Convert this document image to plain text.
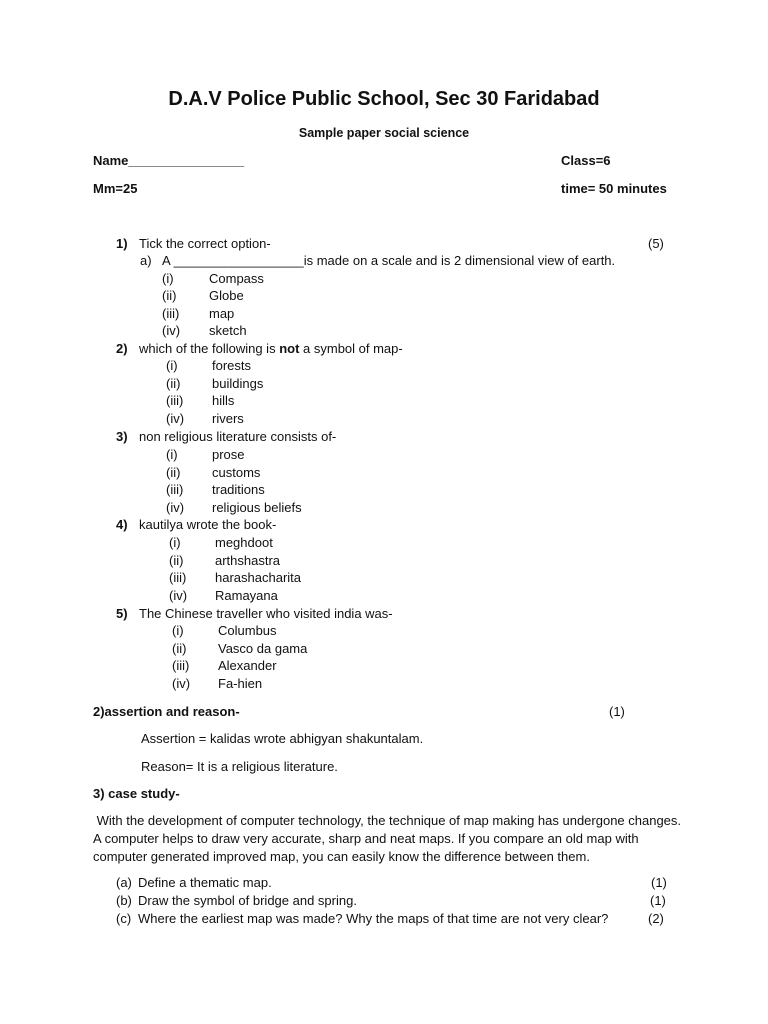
D.A.V Police Public School, Sec 30 Faridabad
Sample paper social science
Name________________	Class=6
Mm=25	time= 50 minutes
1) Tick the correct option-	(5)
a) A __________________is made on a scale and is 2 dimensional view of earth.
(i)	Compass
(ii)	Globe
(iii) map
(iv) sketch
2) which of the following is not a symbol of map-
(i)	forests
(ii) buildings
(iii) hills
(iv) rivers
3) non religious literature consists of-
(i)	prose
(ii) customs
(iii) traditions
(iv) religious beliefs
4) kautilya wrote the book-
(i)	meghdoot
(ii) arthshastra
(iii) harashacharita
(iv) Ramayana
5) The Chinese traveller who visited india was-
(i)	Columbus
(ii) Vasco da gama
(iii) Alexander
(iv) Fa-hien
2)assertion and reason-	(1)
Assertion = kalidas wrote abhigyan shakuntalam.
Reason= It is a religious literature.
3) case study-
With the development of computer technology, the technique of map making has undergone changes. A computer helps to draw very accurate, sharp and neat maps. If you compare an old map with computer generated improved map, you can easily know the difference between them.
(a) Define a thematic map.	(1)
(b) Draw the symbol of bridge and spring.	(1)
(c) Where the earliest map was made? Why the maps of that time are not very clear?	(2)
